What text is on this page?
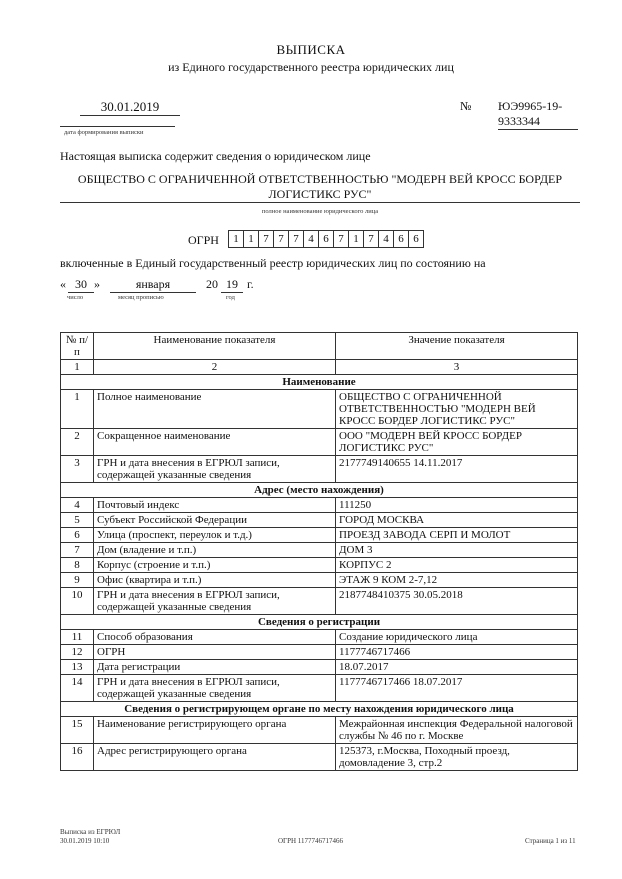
ВЫПИСКА
из Единого государственного реестра юридических лиц
30.01.2019
дата формирования выписки
№ ЮЭ9965-19-9333344
Настоящая выписка содержит сведения о юридическом лице
ОБЩЕСТВО С ОГРАНИЧЕННОЙ ОТВЕТСТВЕННОСТЬЮ "МОДЕРН ВЕЙ КРОСС БОРДЕР ЛОГИСТИКС РУС"
полное наименование юридического лица
ОГРН	1 1 7 7 7 4 6 7 1 7 4 6 6
включенные в Единый государственный реестр юридических лиц по состоянию на
« 30 »	января	20 19 г.
число	месяц прописью	год
№ п/п	Наименование показателя	Значение показателя
1	2	3
Наименование		
1	Полное наименование	ОБЩЕСТВО С ОГРАНИЧЕННОЙ ОТВЕТСТВЕННОСТЬЮ "МОДЕРН ВЕЙ КРОСС БОРДЕР ЛОГИСТИКС РУС"
2	Сокращенное наименование	ООО "МОДЕРН ВЕЙ КРОСС БОРДЕР ЛОГИСТИКС РУС"
3	ГРН и дата внесения в ЕГРЮЛ записи, содержащей указанные сведения	2177749140655 14.11.2017
Адрес (место нахождения)		
4	Почтовый индекс	111250
5	Субъект Российской Федерации	ГОРОД МОСКВА
6	Улица (проспект, переулок и т.д.)	ПРОЕЗД ЗАВОДА СЕРП И МОЛОТ
7	Дом (владение и т.п.)	ДОМ 3
8	Корпус (строение и т.п.)	КОРПУС 2
9	Офис (квартира и т.п.)	ЭТАЖ 9 КОМ 2-7,12
10	ГРН и дата внесения в ЕГРЮЛ записи, содержащей указанные сведения	2187748410375 30.05.2018
Сведения о регистрации		
11	Способ образования	Создание юридического лица
12	ОГРН	1177746717466
13	Дата регистрации	18.07.2017
14	ГРН и дата внесения в ЕГРЮЛ записи, содержащей указанные сведения	1177746717466 18.07.2017
Сведения о регистрирующем органе по месту нахождения юридического лица		
15	Наименование регистрирующего органа	Межрайонная инспекция Федеральной налоговой службы № 46 по г. Москве
16	Адрес регистрирующего органа	125373, г.Москва, Походный проезд, домовладение 3, стр.2
Выписка из ЕГРЮЛ
30.01.2019 10:10	ОГРН 1177746717466	Страница 1 из 11
